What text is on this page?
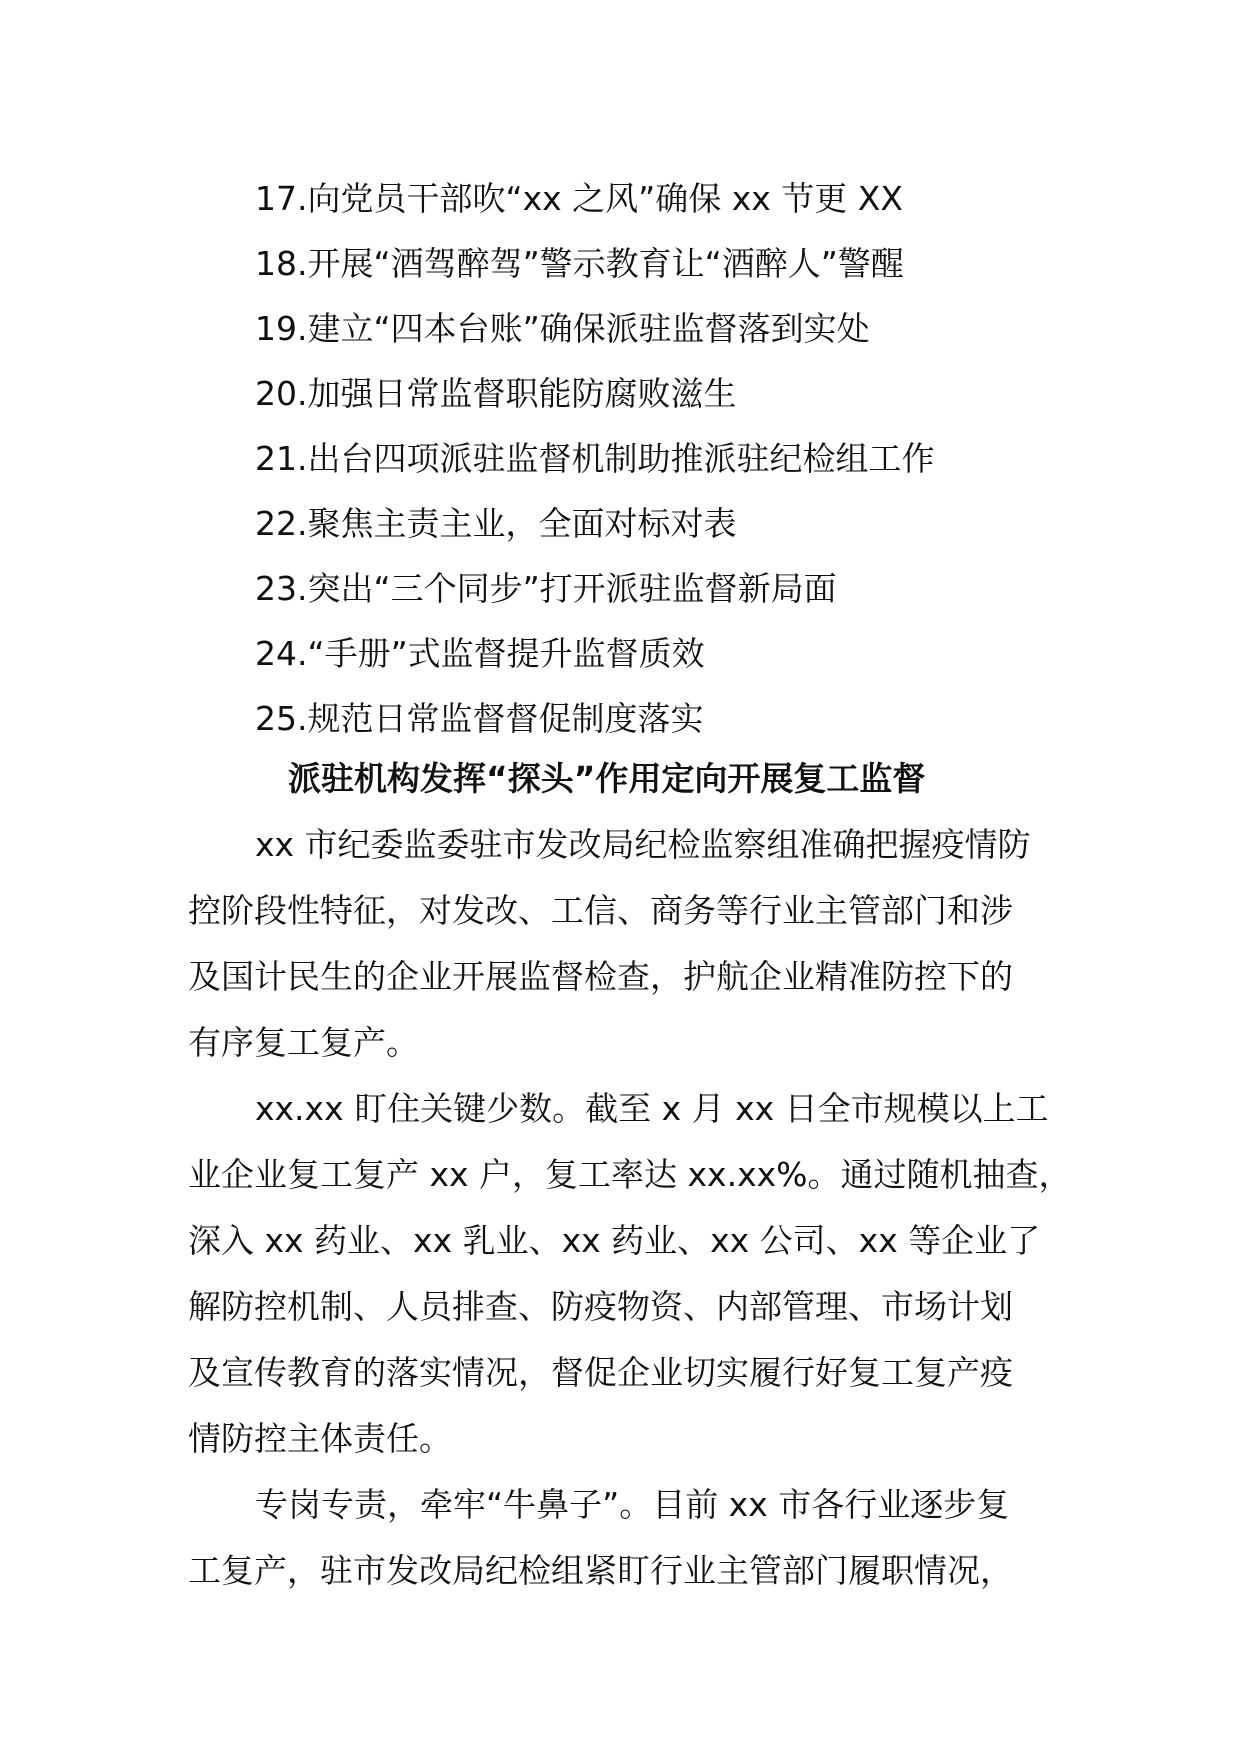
17.向党员干部吹“xx 之风”确保 xx 节更 XX
18.开展“酒驾醉驾”警示教育让“酒醉人”警醒
19.建立“四本台账”确保派驻监督落到实处
20.加强日常监督职能防腐败滋生
21.出台四项派驻监督机制助推派驻纪检组工作
22.聚焦主责主业，全面对标对表
23.突出“三个同步”打开派驻监督新局面
24.“手册”式监督提升监督质效
25.规范日常监督督促制度落实
派驻机构发挥“探头”作用定向开展复工监督
xx 市纪委监委驻市发改局纪检监察组准确把握疫情防
控阶段性特征，对发改、工信、商务等行业主管部门和涉
及国计民生的企业开展监督检查，护航企业精准防控下的
有序复工复产。
xx.xx 盯住关键少数。截至 x 月 xx 日全市规模以上工
业企业复工复产 xx 户，复工率达 xx.xx%。通过随机抽查，
深入 xx 药业、xx 乳业、xx 药业、xx 公司、xx 等企业了
解防控机制、人员排查、防疫物资、内部管理、市场计划
及宣传教育的落实情况，督促企业切实履行好复工复产疫
情防控主体责任。
专岗专责，牵牢“牛鼻子”。目前 xx 市各行业逐步复
工复产，驻市发改局纪检组紧盯行业主管部门履职情况，
